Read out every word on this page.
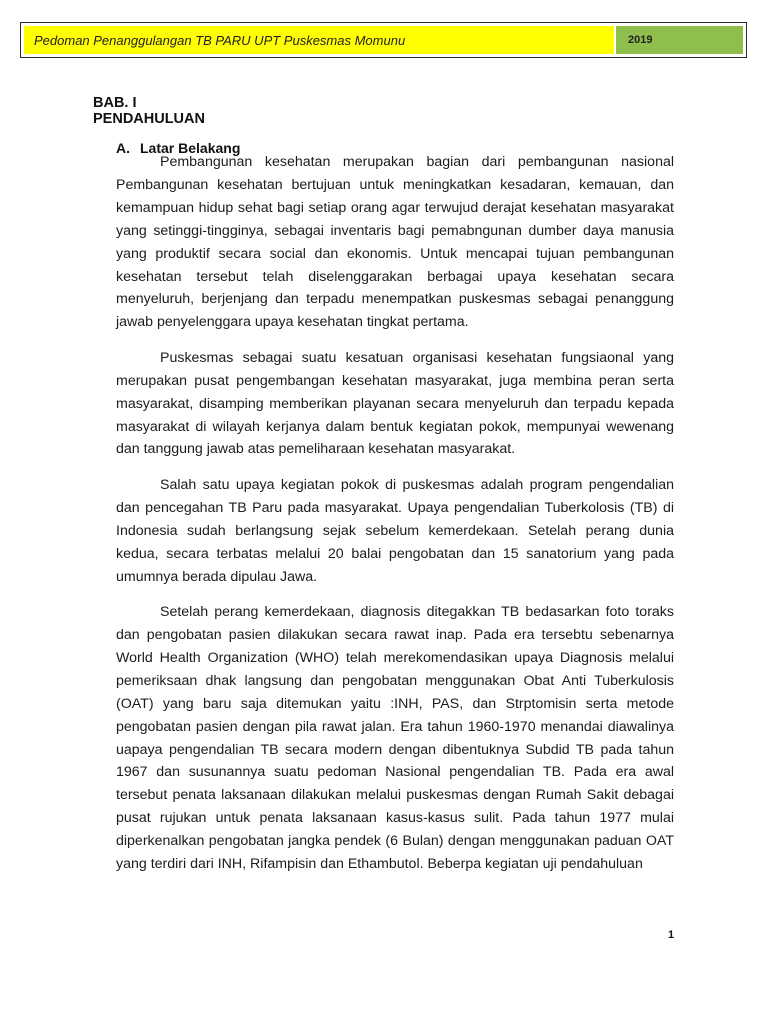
Pedoman Penanggulangan TB PARU UPT Puskesmas Momunu	2019
BAB. I
PENDAHULUAN
A. Latar Belakang

Pembangunan kesehatan merupakan bagian dari pembangunan nasional Pembangunan kesehatan bertujuan untuk meningkatkan kesadaran, kemauan, dan kemampuan hidup sehat bagi setiap orang agar terwujud derajat kesehatan masyarakat yang setinggi-tingginya, sebagai inventaris bagi pemabngunan dumber daya manusia yang produktif secara social dan ekonomis. Untuk mencapai tujuan pembangunan kesehatan tersebut telah diselenggarakan berbagai upaya kesehatan secara menyeluruh, berjenjang dan terpadu menempatkan puskesmas sebagai penanggung jawab penyelenggara upaya kesehatan tingkat pertama.

Puskesmas sebagai suatu kesatuan organisasi kesehatan fungsiaonal yang merupakan pusat pengembangan kesehatan masyarakat, juga membina peran serta masyarakat, disamping memberikan playanan secara menyeluruh dan terpadu kepada masyarakat di wilayah kerjanya dalam bentuk kegiatan pokok, mempunyai wewenang dan tanggung jawab atas pemeliharaan kesehatan masyarakat.

Salah satu upaya kegiatan pokok di puskesmas adalah program pengendalian dan pencegahan TB Paru pada masyarakat. Upaya pengendalian Tuberkolosis (TB) di Indonesia sudah berlangsung sejak sebelum kemerdekaan. Setelah perang dunia kedua, secara terbatas melalui 20 balai pengobatan dan 15 sanatorium yang pada umumnya berada dipulau Jawa.

Setelah perang kemerdekaan, diagnosis ditegakkan TB bedasarkan foto toraks dan pengobatan pasien dilakukan secara rawat inap. Pada era tersebtu sebenarnya World Health Organization (WHO) telah merekomendasikan upaya Diagnosis melalui pemeriksaan dhak langsung dan pengobatan menggunakan Obat Anti Tuberkulosis (OAT) yang baru saja ditemukan yaitu :INH, PAS, dan Strptomisin serta metode pengobatan pasien dengan pila rawat jalan. Era tahun 1960-1970 menandai diawalinya uapaya pengendalian TB secara modern dengan dibentuknya Subdid TB pada tahun 1967 dan susunannya suatu pedoman Nasional pengendalian TB. Pada era awal tersebut penata laksanaan dilakukan melalui puskesmas dengan Rumah Sakit debagai pusat rujukan untuk penata laksanaan kasus-kasus sulit. Pada tahun 1977 mulai diperkenalkan pengobatan jangka pendek (6 Bulan) dengan menggunakan paduan OAT yang terdiri dari INH, Rifampisin dan Ethambutol. Beberpa kegiatan uji pendahuluan

1
